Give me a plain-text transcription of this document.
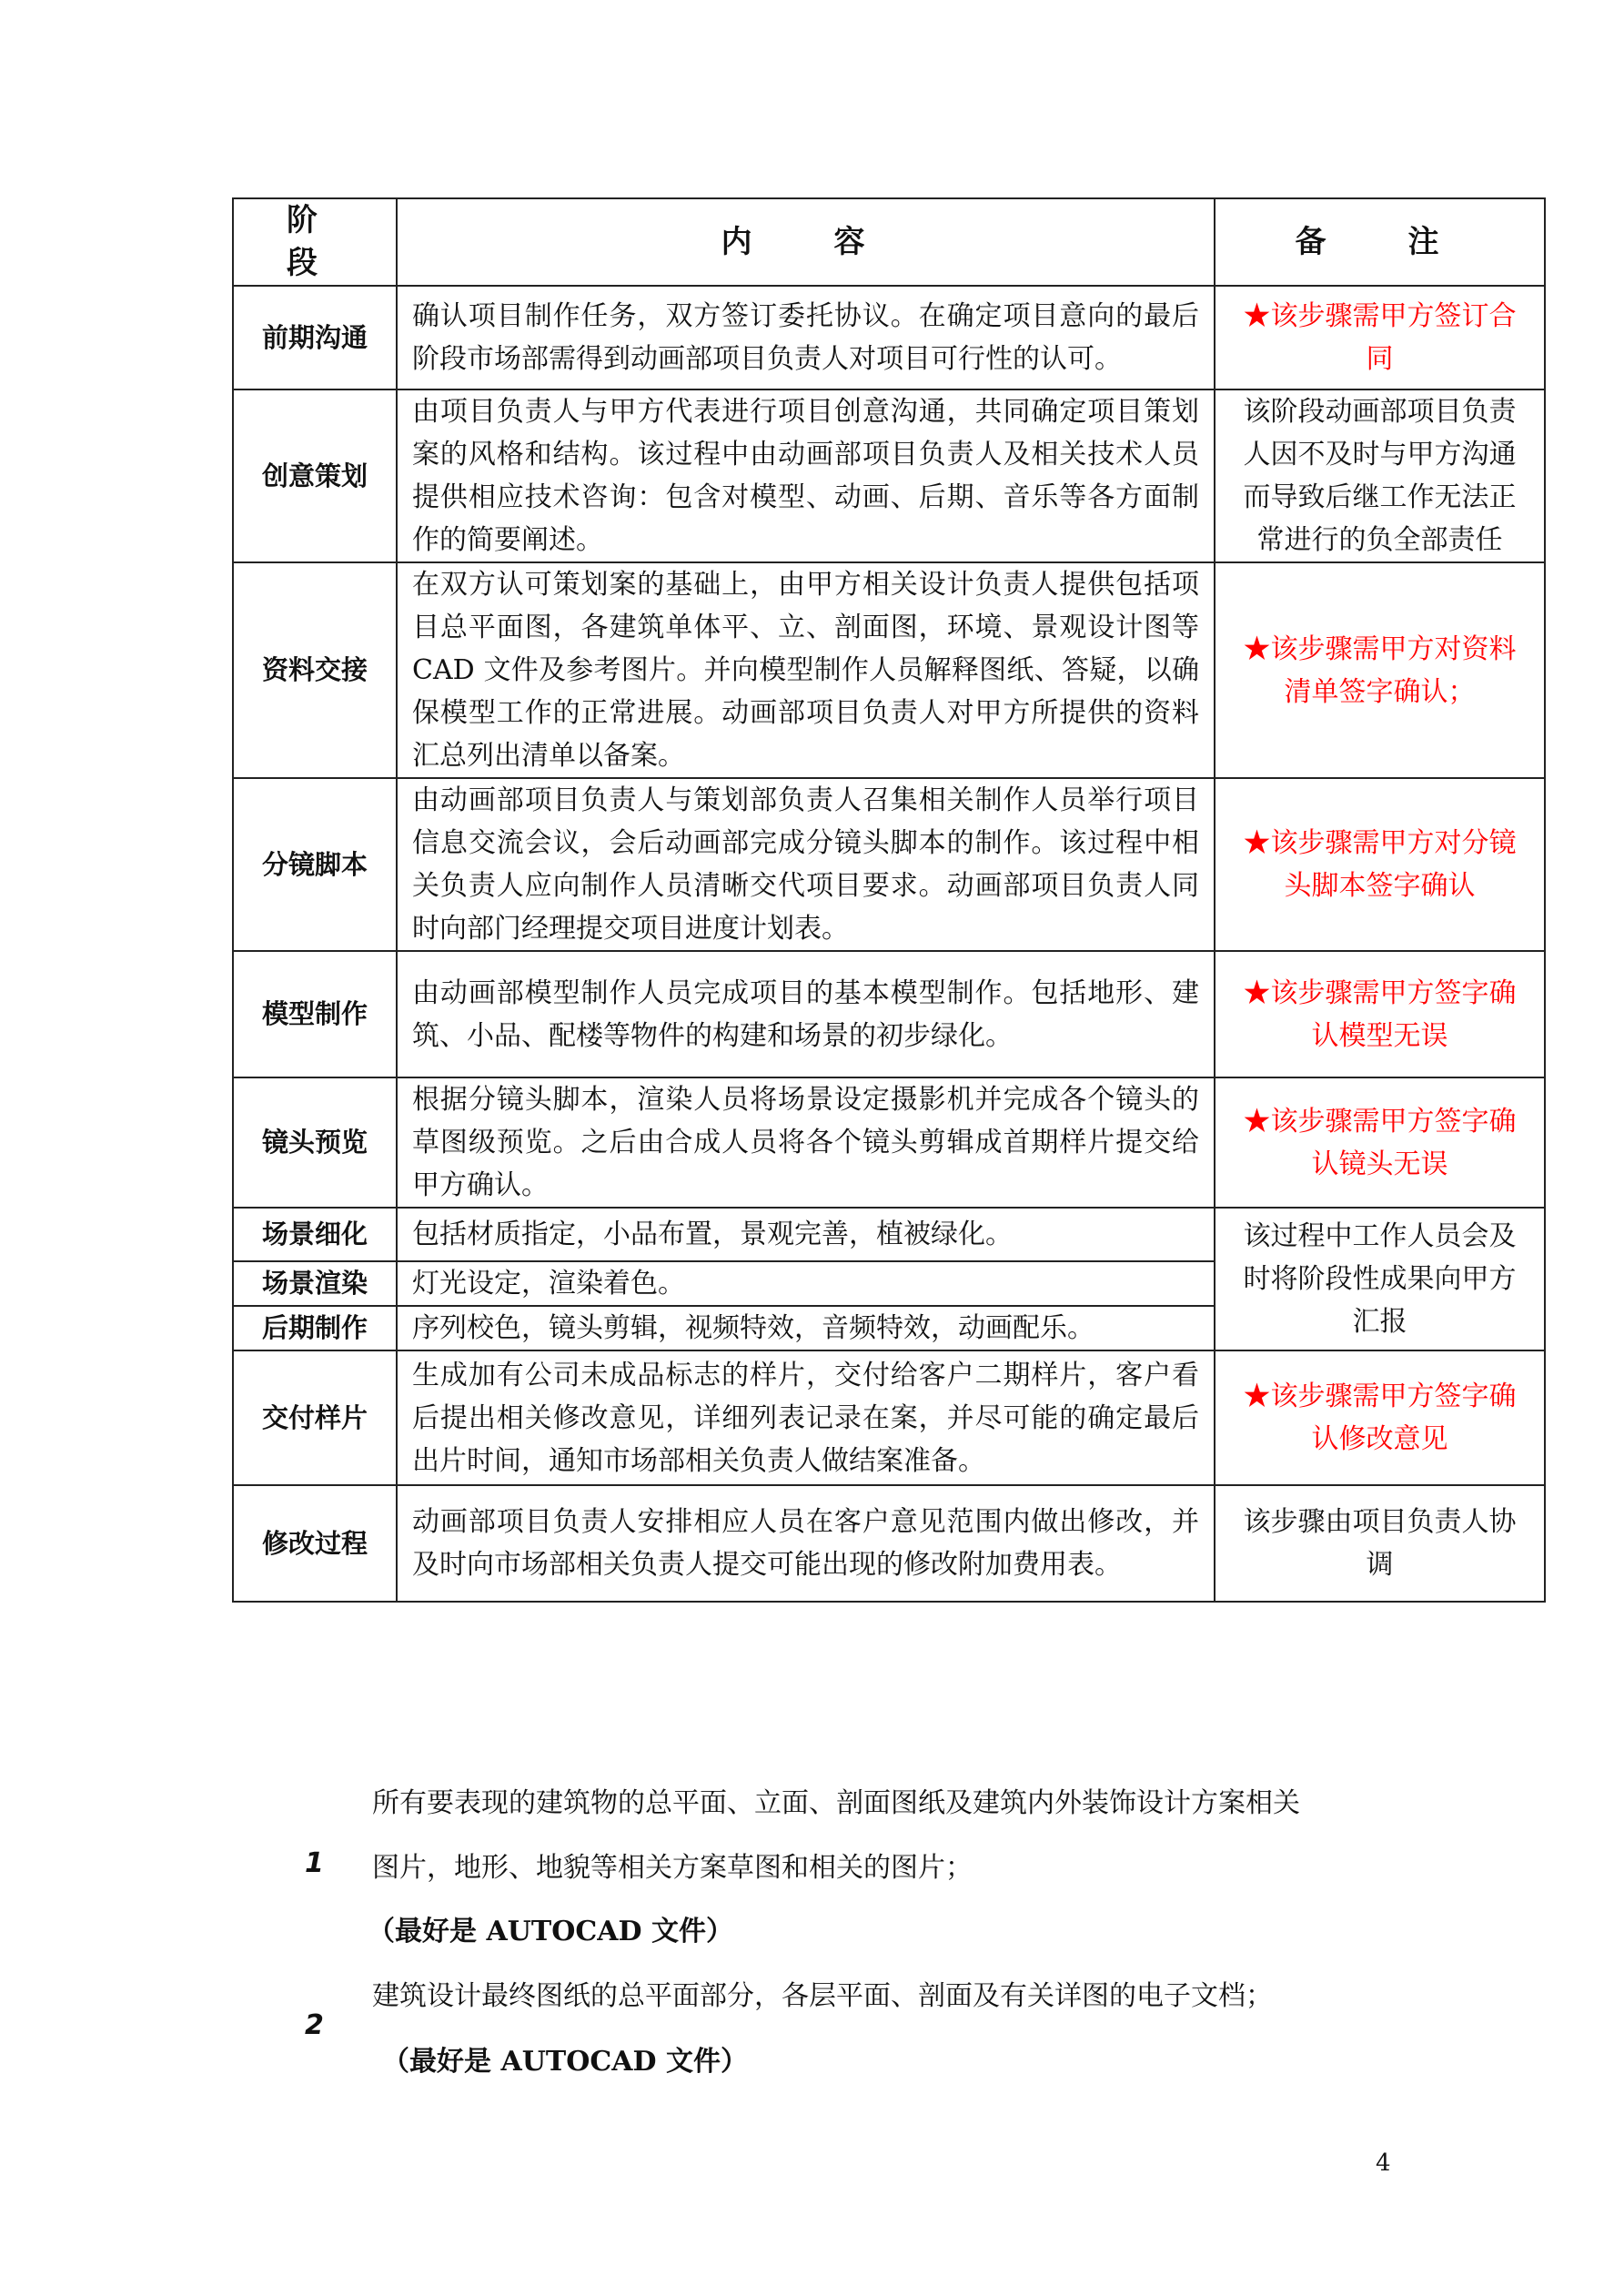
阶　段	内　容	备　注
前期沟通	确认项目制作任务，双方签订委托协议。在确定项目意向的最后阶段市场部需得到动画部项目负责人对项目可行性的认可。	★该步骤需甲方签订合同
创意策划	由项目负责人与甲方代表进行项目创意沟通，共同确定项目策划案的风格和结构。该过程中由动画部项目负责人及相关技术人员提供相应技术咨询：包含对模型、动画、后期、音乐等各方面制作的简要阐述。	该阶段动画部项目负责人因不及时与甲方沟通而导致后继工作无法正常进行的负全部责任
资料交接	在双方认可策划案的基础上，由甲方相关设计负责人提供包括项目总平面图，各建筑单体平、立、剖面图，环境、景观设计图等 CAD 文件及参考图片。并向模型制作人员解释图纸、答疑，以确保模型工作的正常进展。动画部项目负责人对甲方所提供的资料汇总列出清单以备案。	★该步骤需甲方对资料清单签字确认；
分镜脚本	由动画部项目负责人与策划部负责人召集相关制作人员举行项目信息交流会议，会后动画部完成分镜头脚本的制作。该过程中相关负责人应向制作人员清晰交代项目要求。动画部项目负责人同时向部门经理提交项目进度计划表。	★该步骤需甲方对分镜头脚本签字确认
模型制作	由动画部模型制作人员完成项目的基本模型制作。包括地形、建筑、小品、配楼等物件的构建和场景的初步绿化。	★该步骤需甲方签字确认模型无误
镜头预览	根据分镜头脚本，渲染人员将场景设定摄影机并完成各个镜头的草图级预览。之后由合成人员将各个镜头剪辑成首期样片提交给甲方确认。	★该步骤需甲方签字确认镜头无误
场景细化	包括材质指定，小品布置，景观完善，植被绿化。	该过程中工作人员会及时将阶段性成果向甲方汇报
场景渲染	灯光设定，渲染着色。	
后期制作	序列校色，镜头剪辑，视频特效，音频特效，动画配乐。	
交付样片	生成加有公司未成品标志的样片，交付给客户二期样片，客户看后提出相关修改意见，详细列表记录在案，并尽可能的确定最后出片时间，通知市场部相关负责人做结案准备。	★该步骤需甲方签字确认修改意见
修改过程	动画部项目负责人安排相应人员在客户意见范围内做出修改，并及时向市场部相关负责人提交可能出现的修改附加费用表。	该步骤由项目负责人协调
所有要表现的建筑物的总平面、立面、剖面图纸及建筑内外装饰设计方案相关
1 图片，地形、地貌等相关方案草图和相关的图片；
（最好是 AUTOCAD 文件）
建筑设计最终图纸的总平面部分，各层平面、剖面及有关详图的电子文档；
2
（最好是 AUTOCAD 文件）
4
